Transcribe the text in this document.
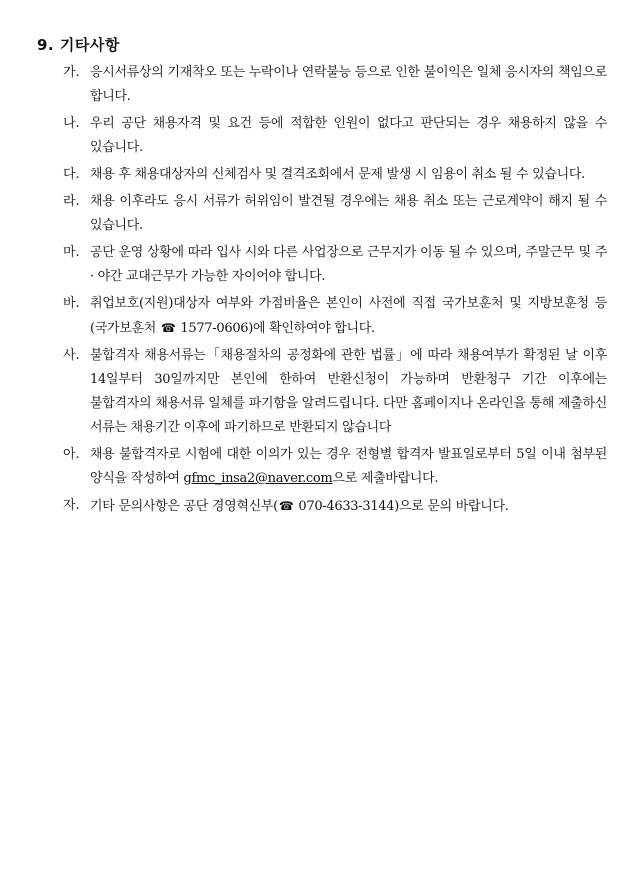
9. 기타사항
가. 응시서류상의 기재착오 또는 누락이나 연락불능 등으로 인한 불이익은 일체 응시자의 책임으로 합니다.
나. 우리 공단 채용자격 및 요건 등에 적합한 인원이 없다고 판단되는 경우 채용하지 않을 수 있습니다.
다. 채용 후 채용대상자의 신체검사 및 결격조회에서 문제 발생 시 임용이 취소 될 수 있습니다.
라. 채용 이후라도 응시 서류가 허위임이 발견될 경우에는 채용 취소 또는 근로계약이 해지 될 수 있습니다.
마. 공단 운영 상황에 따라 입사 시와 다른 사업장으로 근무지가 이동 될 수 있으며, 주말근무 및 주 · 야간 교대근무가 가능한 자이어야 합니다.
바. 취업보호(지원)대상자 여부와 가점비율은 본인이 사전에 직접 국가보훈처 및 지방보훈청 등(국가보훈처 ☎ 1577-0606)에 확인하여야 합니다.
사. 불합격자 채용서류는「채용절차의 공정화에 관한 법률」에 따라 채용여부가 확정된 날 이후 14일부터 30일까지만 본인에 한하여 반환신청이 가능하며 반환청구 기간 이후에는 불합격자의 채용서류 일체를 파기함을 알려드립니다. 다만 홈페이지나 온라인을 통해 제출하신 서류는 채용기간 이후에 파기하므로 반환되지 않습니다
아. 채용 불합격자로 시험에 대한 이의가 있는 경우 전형별 합격자 발표일로부터 5일 이내 첨부된 양식을 작성하여 gfmc_insa2@naver.com으로 제출바랍니다.
자. 기타 문의사항은 공단 경영혁신부(☎ 070-4633-3144)으로 문의 바랍니다.
